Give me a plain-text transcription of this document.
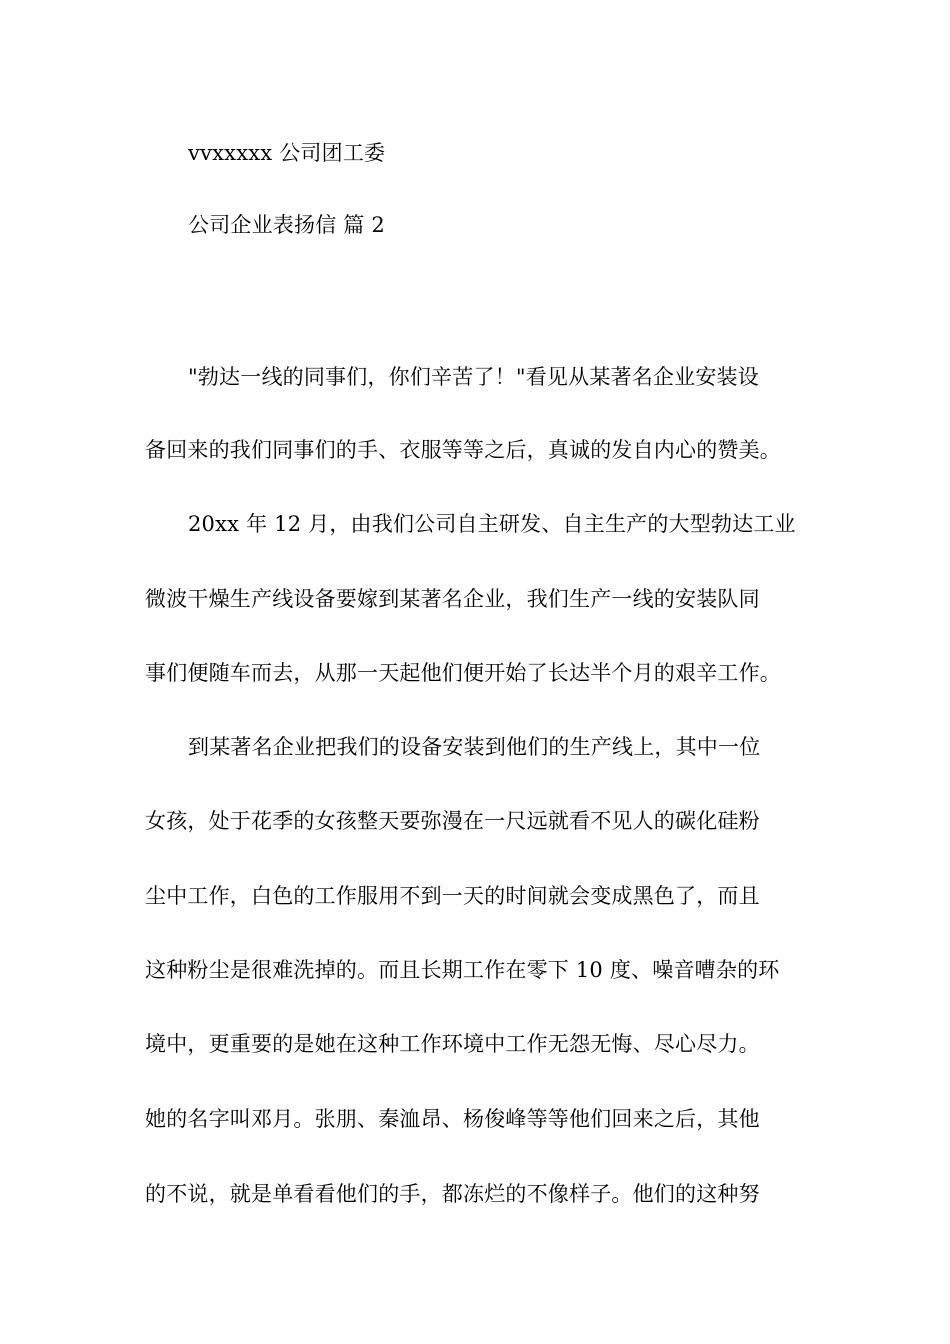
vvxxxxx 公司团工委
公司企业表扬信 篇 2
"勃达一线的同事们，你们辛苦了！"看见从某著名企业安装设
备回来的我们同事们的手、衣服等等之后，真诚的发自内心的赞美。
20xx 年 12 月，由我们公司自主研发、自主生产的大型勃达工业
微波干燥生产线设备要嫁到某著名企业，我们生产一线的安装队同
事们便随车而去，从那一天起他们便开始了长达半个月的艰辛工作。
到某著名企业把我们的设备安装到他们的生产线上，其中一位
女孩，处于花季的女孩整天要弥漫在一尺远就看不见人的碳化硅粉
尘中工作，白色的工作服用不到一天的时间就会变成黑色了，而且
这种粉尘是很难洗掉的。而且长期工作在零下 10 度、噪音嘈杂的环
境中，更重要的是她在这种工作环境中工作无怨无悔、尽心尽力。
她的名字叫邓月。张朋、秦洫昂、杨俊峰等等他们回来之后，其他
的不说，就是单看看他们的手，都冻烂的不像样子。他们的这种努
